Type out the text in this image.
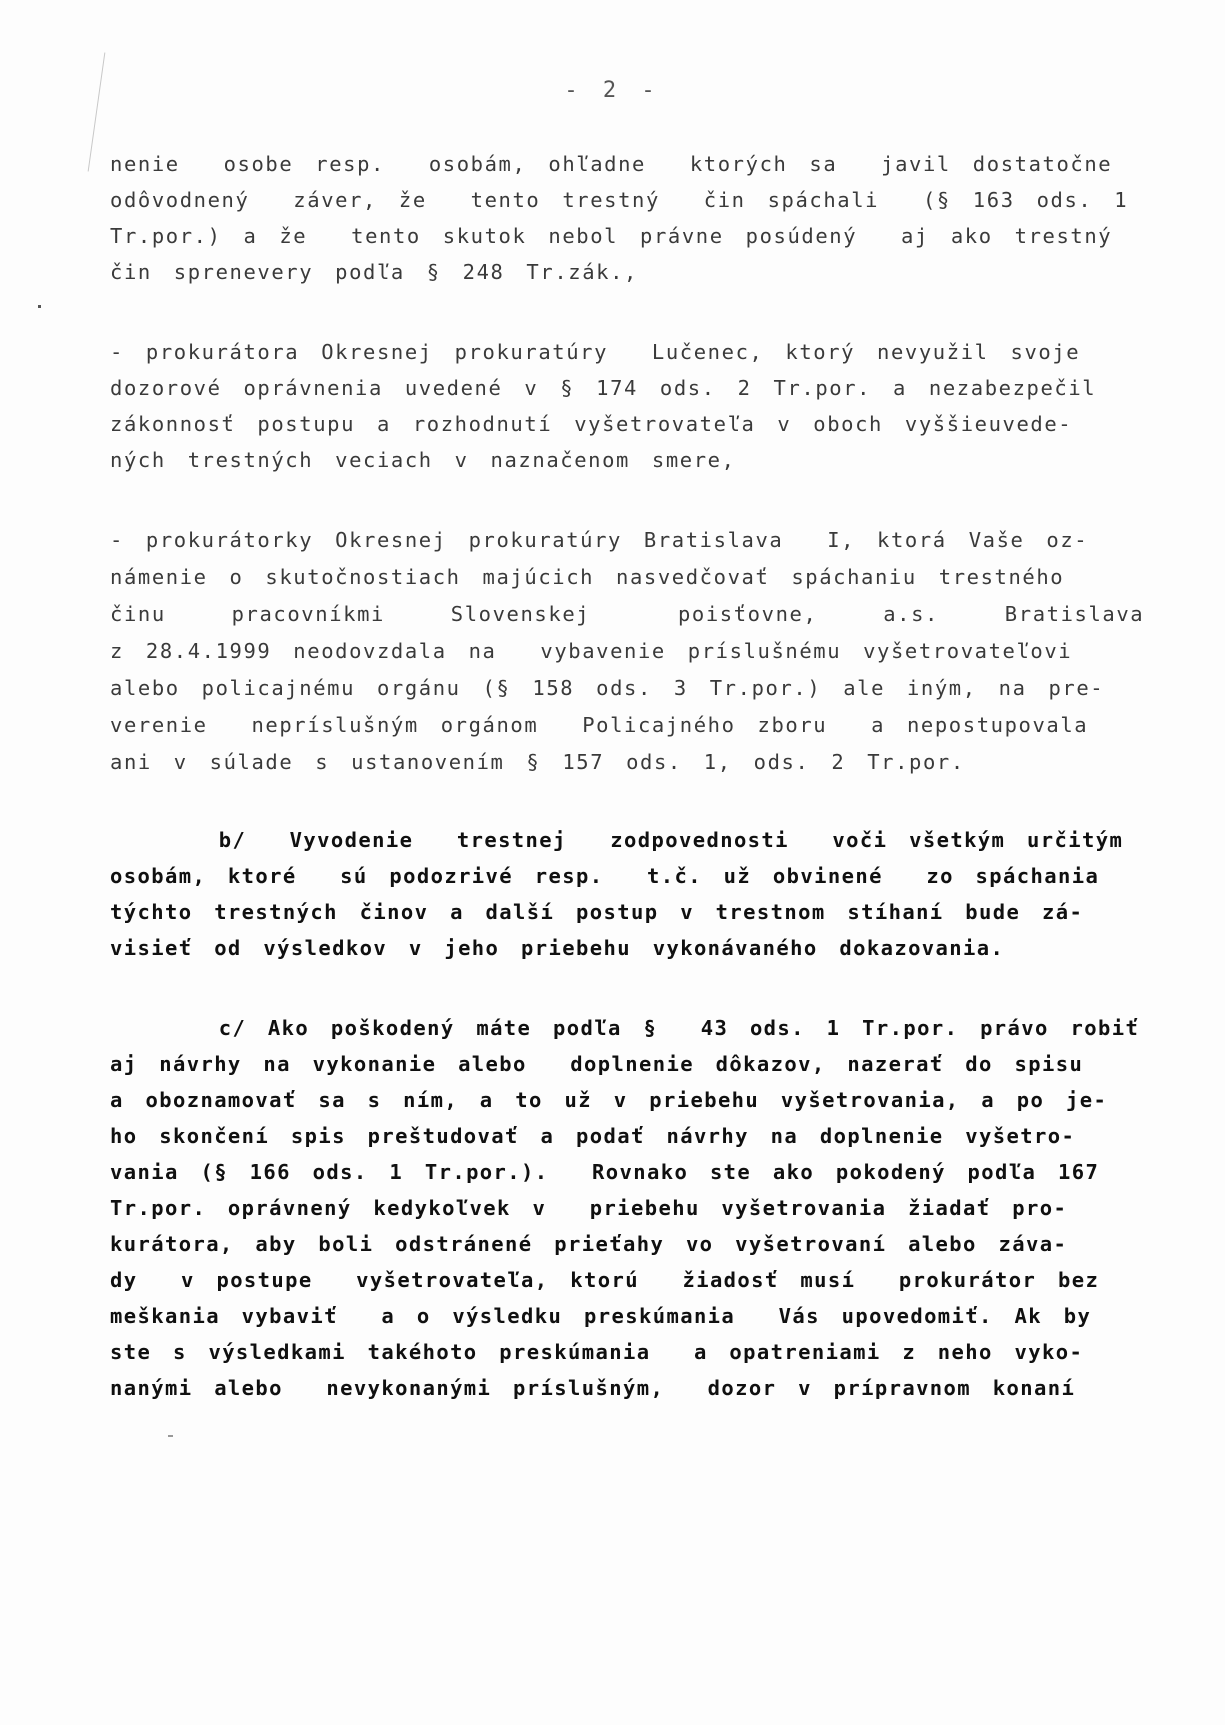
- 2 -
nenie  osobe resp.  osobám, ohľadne  ktorých sa  javil dostatočne
odôvodnený  záver, že  tento trestný  čin spáchali  (§ 163 ods. 1
Tr.por.) a že  tento skutok nebol právne posúdený  aj ako trestný
čin sprenevery podľa § 248 Tr.zák.,
- prokurátora Okresnej prokuratúry  Lučenec, ktorý nevyužil svoje
dozorové oprávnenia uvedené v § 174 ods. 2 Tr.por. a nezabezpečil
zákonnosť postupu a rozhodnutí vyšetrovateľa v oboch vyššieuvede-
ných trestných veciach v naznačenom smere,
- prokurátorky Okresnej prokuratúry Bratislava  I, ktorá Vaše oz-
námenie o skutočnostiach majúcich nasvedčovať spáchaniu trestného
činu   pracovníkmi   Slovenskej    poisťovne,   a.s.   Bratislava
z 28.4.1999 neodovzdala na  vybavenie príslušnému vyšetrovateľovi
alebo policajnému orgánu (§ 158 ods. 3 Tr.por.) ale iným, na pre-
verenie  nepríslušným orgánom  Policajného zboru  a nepostupovala
ani v súlade s ustanovením § 157 ods. 1, ods. 2 Tr.por.
b/  Vyvodenie  trestnej  zodpovednosti  voči všetkým určitým
osobám, ktoré  sú podozrivé resp.  t.č. už obvinené  zo spáchania
týchto trestných činov a další postup v trestnom stíhaní bude zá-
visieť od výsledkov v jeho priebehu vykonávaného dokazovania.
c/ Ako poškodený máte podľa §  43 ods. 1 Tr.por. právo robiť
aj návrhy na vykonanie alebo  doplnenie dôkazov, nazerať do spisu
a oboznamovať sa s ním, a to už v priebehu vyšetrovania, a po je-
ho skončení spis preštudovať a podať návrhy na doplnenie vyšetro-
vania (§ 166 ods. 1 Tr.por.).  Rovnako ste ako pokodený podľa 167
Tr.por. oprávnený kedykoľvek v  priebehu vyšetrovania žiadať pro-
kurátora, aby boli odstránené prieťahy vo vyšetrovaní alebo záva-
dy  v postupe  vyšetrovateľa, ktorú  žiadosť musí  prokurátor bez
meškania vybaviť  a o výsledku preskúmania  Vás upovedomiť. Ak by
ste s výsledkami takéhoto preskúmania  a opatreniami z neho vyko-
nanými alebo  nevykonanými príslušným,  dozor v prípravnom konaní
